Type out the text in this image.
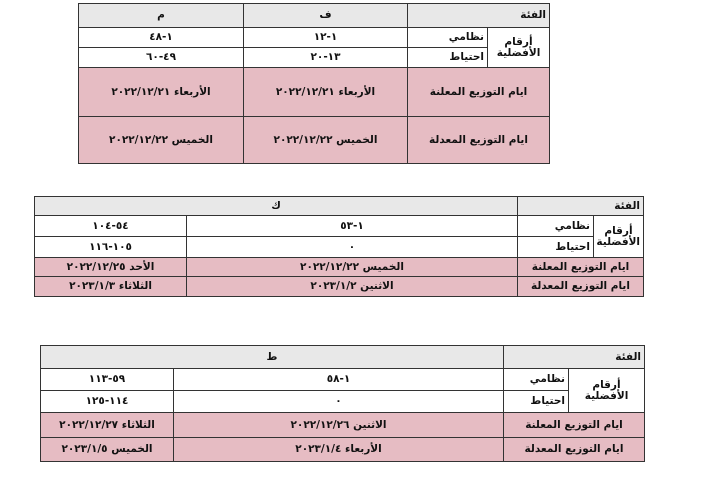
الفئة		ف	م
أرقام الأفضلية	نظامي	١-١٢	١-٤٨
	احتياط	١٣-٢٠	٤٩-٦٠
ايام التوزيع المعلنة		الأربعاء ٢٠٢٢/١٢/٢١	الأربعاء ٢٠٢٢/١٢/٢١
ايام التوزيع المعدلة		الخميس ٢٠٢٢/١٢/٢٢	الخميس ٢٠٢٢/١٢/٢٢
الفئة		ك	
أرقام الأفضلية	نظامي	١-٥٣	٥٤-١٠٤
	احتياط	٠	١٠٥-١١٦
ايام التوزيع المعلنة		الخميس ٢٠٢٢/١٢/٢٢	الأحد ٢٠٢٢/١٢/٢٥
ايام التوزيع المعدلة		الاثنين ٢٠٢٣/١/٢	الثلاثاء ٢٠٢٣/١/٣
الفئة		ط	
أرقام الأفضلية	نظامي	١-٥٨	٥٩-١١٣
	احتياط	٠	١١٤-١٢٥
ايام التوزيع المعلنة		الاثنين ٢٠٢٢/١٢/٢٦	الثلاثاء ٢٠٢٢/١٢/٢٧
ايام التوزيع المعدلة		الأربعاء ٢٠٢٣/١/٤	الخميس ٢٠٢٣/١/٥
